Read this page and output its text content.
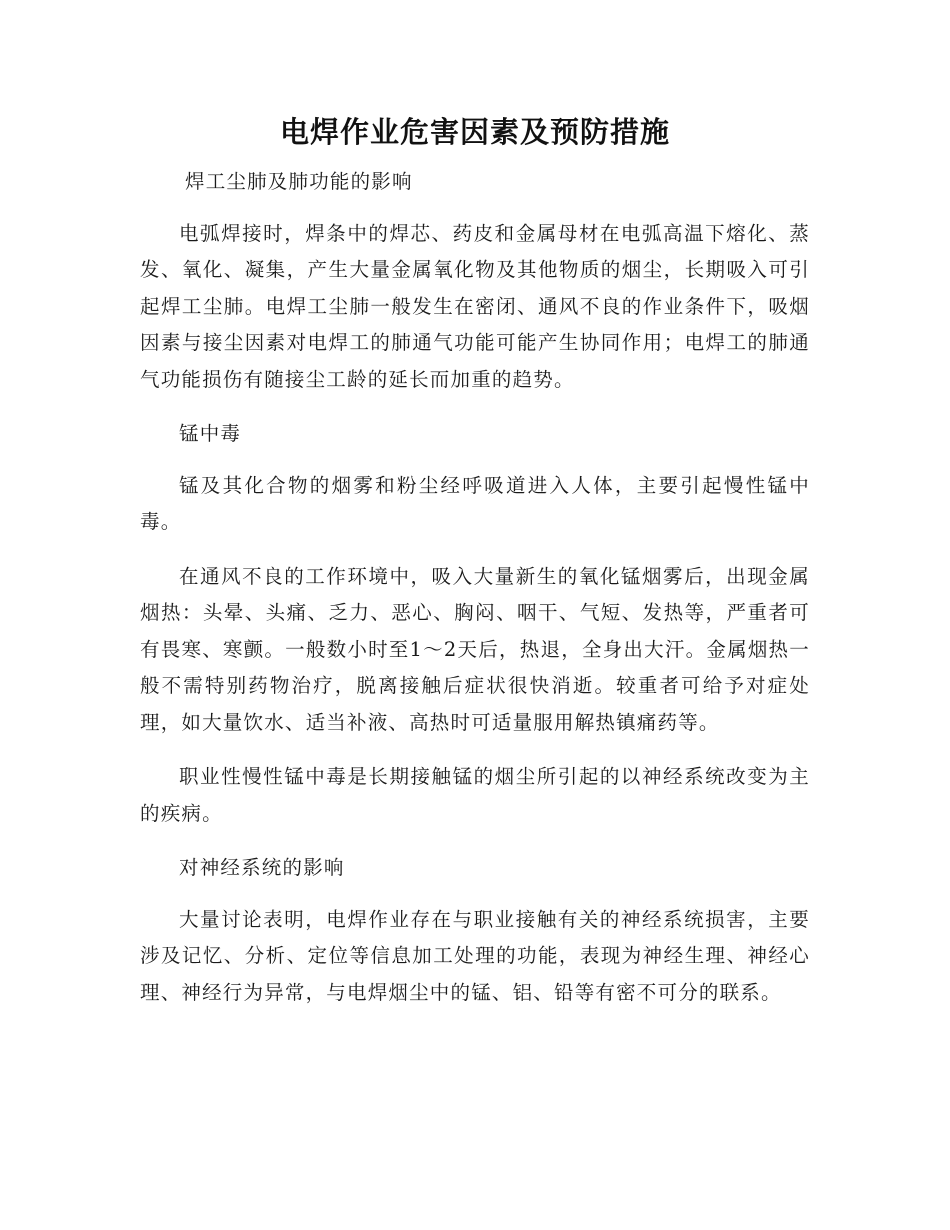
电焊作业危害因素及预防措施

焊工尘肺及肺功能的影响

电弧焊接时，焊条中的焊芯、药皮和金属母材在电弧高温下熔化、蒸发、氧化、凝集，产生大量金属氧化物及其他物质的烟尘，长期吸入可引起焊工尘肺。电焊工尘肺一般发生在密闭、通风不良的作业条件下，吸烟因素与接尘因素对电焊工的肺通气功能可能产生协同作用；电焊工的肺通气功能损伤有随接尘工龄的延长而加重的趋势。

锰中毒

锰及其化合物的烟雾和粉尘经呼吸道进入人体，主要引起慢性锰中毒。

在通风不良的工作环境中，吸入大量新生的氧化锰烟雾后，出现金属烟热：头晕、头痛、乏力、恶心、胸闷、咽干、气短、发热等，严重者可有畏寒、寒颤。一般数小时至1～2天后，热退，全身出大汗。金属烟热一般不需特别药物治疗，脱离接触后症状很快消逝。较重者可给予对症处理，如大量饮水、适当补液、高热时可适量服用解热镇痛药等。

职业性慢性锰中毒是长期接触锰的烟尘所引起的以神经系统改变为主的疾病。

对神经系统的影响

大量讨论表明，电焊作业存在与职业接触有关的神经系统损害，主要涉及记忆、分析、定位等信息加工处理的功能，表现为神经生理、神经心理、神经行为异常，与电焊烟尘中的锰、铝、铅等有密不可分的联系。
